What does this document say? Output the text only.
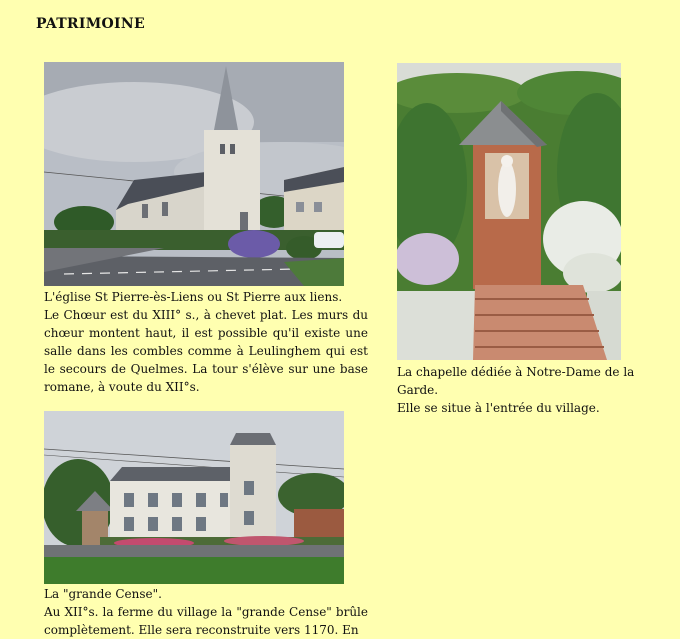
PATRIMOINE

L'église St Pierre-ès-Liens ou St Pierre aux liens.

Le Chœur est du XIII° s., à chevet plat. Les murs du chœur montent haut, il est possible qu'il existe une salle dans les combles comme à Leulinghem qui est le secours de Quelmes. La tour s'élève sur une base romane, à voute du XII°s.

La chapelle dédiée à Notre-Dame de la Garde.

Elle se situe à l'entrée du village.

La "grande Cense".

Au XII°s. la ferme du village la "grande Cense" brûle complètement. Elle sera reconstruite vers 1170. En
